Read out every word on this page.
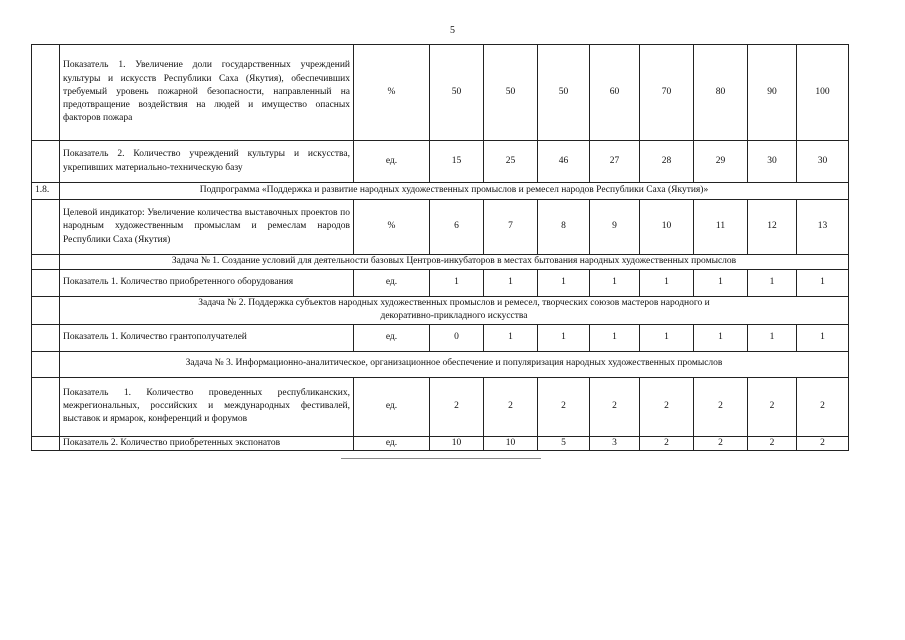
5
	Показатель 1. Увеличение доли государственных учреждений культуры и искусств Республики Саха (Якутия), обеспечивших требуемый уровень пожарной безопасности, направленный на предотвращение воздействия на людей и имущество опасных факторов пожара	%	50	50	50	60	70	80	90	100
	Показатель 2. Количество учреждений культуры и искусства, укрепивших материально-техническую базу	ед.	15	25	46	27	28	29	30	30
1.8.	Подпрограмма «Поддержка и развитие народных художественных промыслов и ремесел народов Республики Саха (Якутия)»									
	Целевой индикатор: Увеличение количества выставочных проектов по народным художественным промыслам и ремеслам народов Республики Саха (Якутия)	%	6	7	8	9	10	11	12	13
	Задача № 1. Создание условий для деятельности базовых Центров-инкубаторов в местах бытования народных художественных промыслов									
	Показатель 1. Количество приобретенного оборудования	ед.	1	1	1	1	1	1	1	1
	Задача № 2. Поддержка субъектов народных художественных промыслов и ремесел, творческих союзов мастеров народного и декоративно-прикладного искусства									
	Показатель 1. Количество грантополучателей	ед.	0	1	1	1	1	1	1	1
	Задача № 3. Информационно-аналитическое, организационное обеспечение и популяризация народных художественных промыслов									
	Показатель 1. Количество проведенных республиканских, межрегиональных, российских и международных фестивалей, выставок и ярмарок, конференций и форумов	ед.	2	2	2	2	2	2	2	2
	Показатель 2. Количество приобретенных экспонатов	ед.	10	10	5	3	2	2	2	2
